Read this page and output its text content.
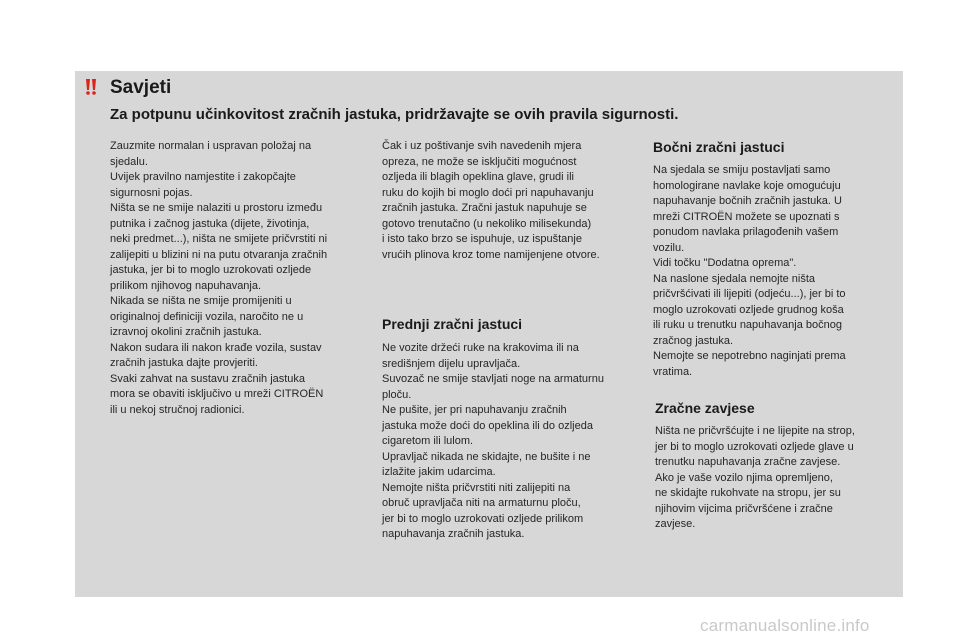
Savjeti
Za potpunu učinkovitost zračnih jastuka, pridržavajte se ovih pravila sigurnosti.

Zauzmite normalan i uspravan položaj na
sjedalu.
Uvijek pravilno namjestite i zakopčajte
sigurnosni pojas.
Ništa se ne smije nalaziti u prostoru između
putnika i začnog jastuka (dijete, životinja,
neki predmet...), ništa ne smijete pričvrstiti ni
zalijepiti u blizini ni na putu otvaranja zračnih
jastuka, jer bi to moglo uzrokovati ozljede
prilikom njihovog napuhavanja.
Nikada se ništa ne smije promijeniti u
originalnoj definiciji vozila, naročito ne u
izravnoj okolini zračnih jastuka.
Nakon sudara ili nakon krađe vozila, sustav
zračnih jastuka dajte provjeriti.
Svaki zahvat na sustavu zračnih jastuka
mora se obaviti isključivo u mreži CITROËN
ili u nekoj stručnoj radionici.

Čak i uz poštivanje svih navedenih mjera
opreza, ne može se isključiti mogućnost
ozljeda ili blagih opeklina glave, grudi ili
ruku do kojih bi moglo doći pri napuhavanju
zračnih jastuka. Zračni jastuk napuhuje se
gotovo trenutačno (u nekoliko milisekunda)
i isto tako brzo se ispuhuje, uz ispuštanje
vrućih plinova kroz tome namijenjene otvore.

Prednji zračni jastuci

Ne vozite držeći ruke na krakovima ili na
središnjem dijelu upravljača.
Suvozač ne smije stavljati noge na armaturnu
ploču.
Ne pušite, jer pri napuhavanju zračnih
jastuka može doći do opeklina ili do ozljeda
cigaretom ili lulom.
Upravljač nikada ne skidajte, ne bušite i ne
izlažite jakim udarcima.
Nemojte ništa pričvrstiti niti zalijepiti na
obruč upravljača niti na armaturnu ploču,
jer bi to moglo uzrokovati ozljede prilikom
napuhavanja zračnih jastuka.

Bočni zračni jastuci

Na sjedala se smiju postavljati samo
homologirane navlake koje omogućuju
napuhavanje bočnih zračnih jastuka. U
mreži CITROËN možete se upoznati s
ponudom navlaka prilagođenih vašem
vozilu.
Vidi točku "Dodatna oprema".
Na naslone sjedala nemojte ništa
pričvršćivati ili lijepiti (odjeću...), jer bi to
moglo uzrokovati ozljede grudnog koša
ili ruku u trenutku napuhavanja bočnog
zračnog jastuka.
Nemojte se nepotrebno naginjati prema
vratima.

Zračne zavjese

Ništa ne pričvršćujte i ne lijepite na strop,
jer bi to moglo uzrokovati ozljede glave u
trenutku napuhavanja zračne zavjese.
Ako je vaše vozilo njima opremljeno,
ne skidajte rukohvate na stropu, jer su
njihovim vijcima pričvršćene i zračne
zavjese.

carmanualsonline.info
